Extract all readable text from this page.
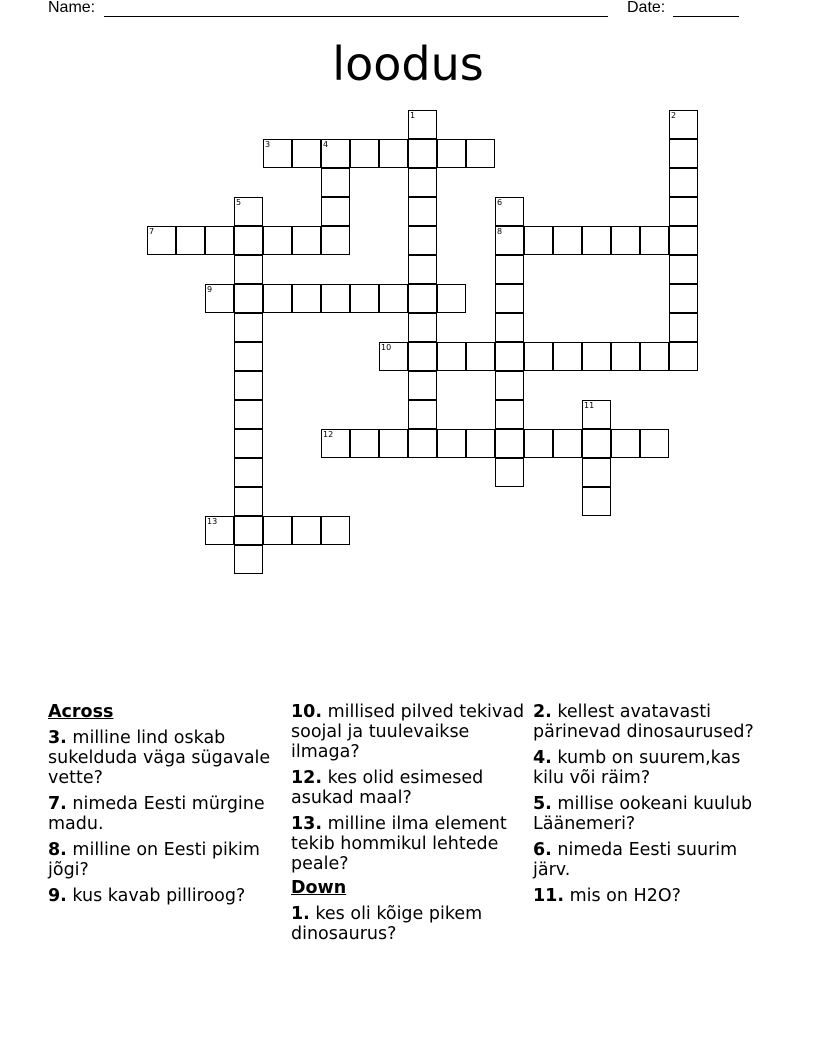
Name:	Date:
loodus
1	2
3	4
5	6
7	8
9
10
11
12
13
Across
3. milline lind oskab sukelduda väga sügavale vette?
7. nimeda Eesti mürgine madu.
8. milline on Eesti pikim jõgi?
9. kus kavab pilliroog?
10. millised pilved tekivad soojal ja tuulevaikse ilmaga?
12. kes olid esimesed asukad maal?
13. milline ilma element tekib hommikul lehtede peale?
Down
1. kes oli kõige pikem dinosaurus?
2. kellest avatavasti pärinevad dinosaurused?
4. kumb on suurem,kas kilu või räim?
5. millise ookeani kuulub Läänemeri?
6. nimeda Eesti suurim järv.
11. mis on H2O?
